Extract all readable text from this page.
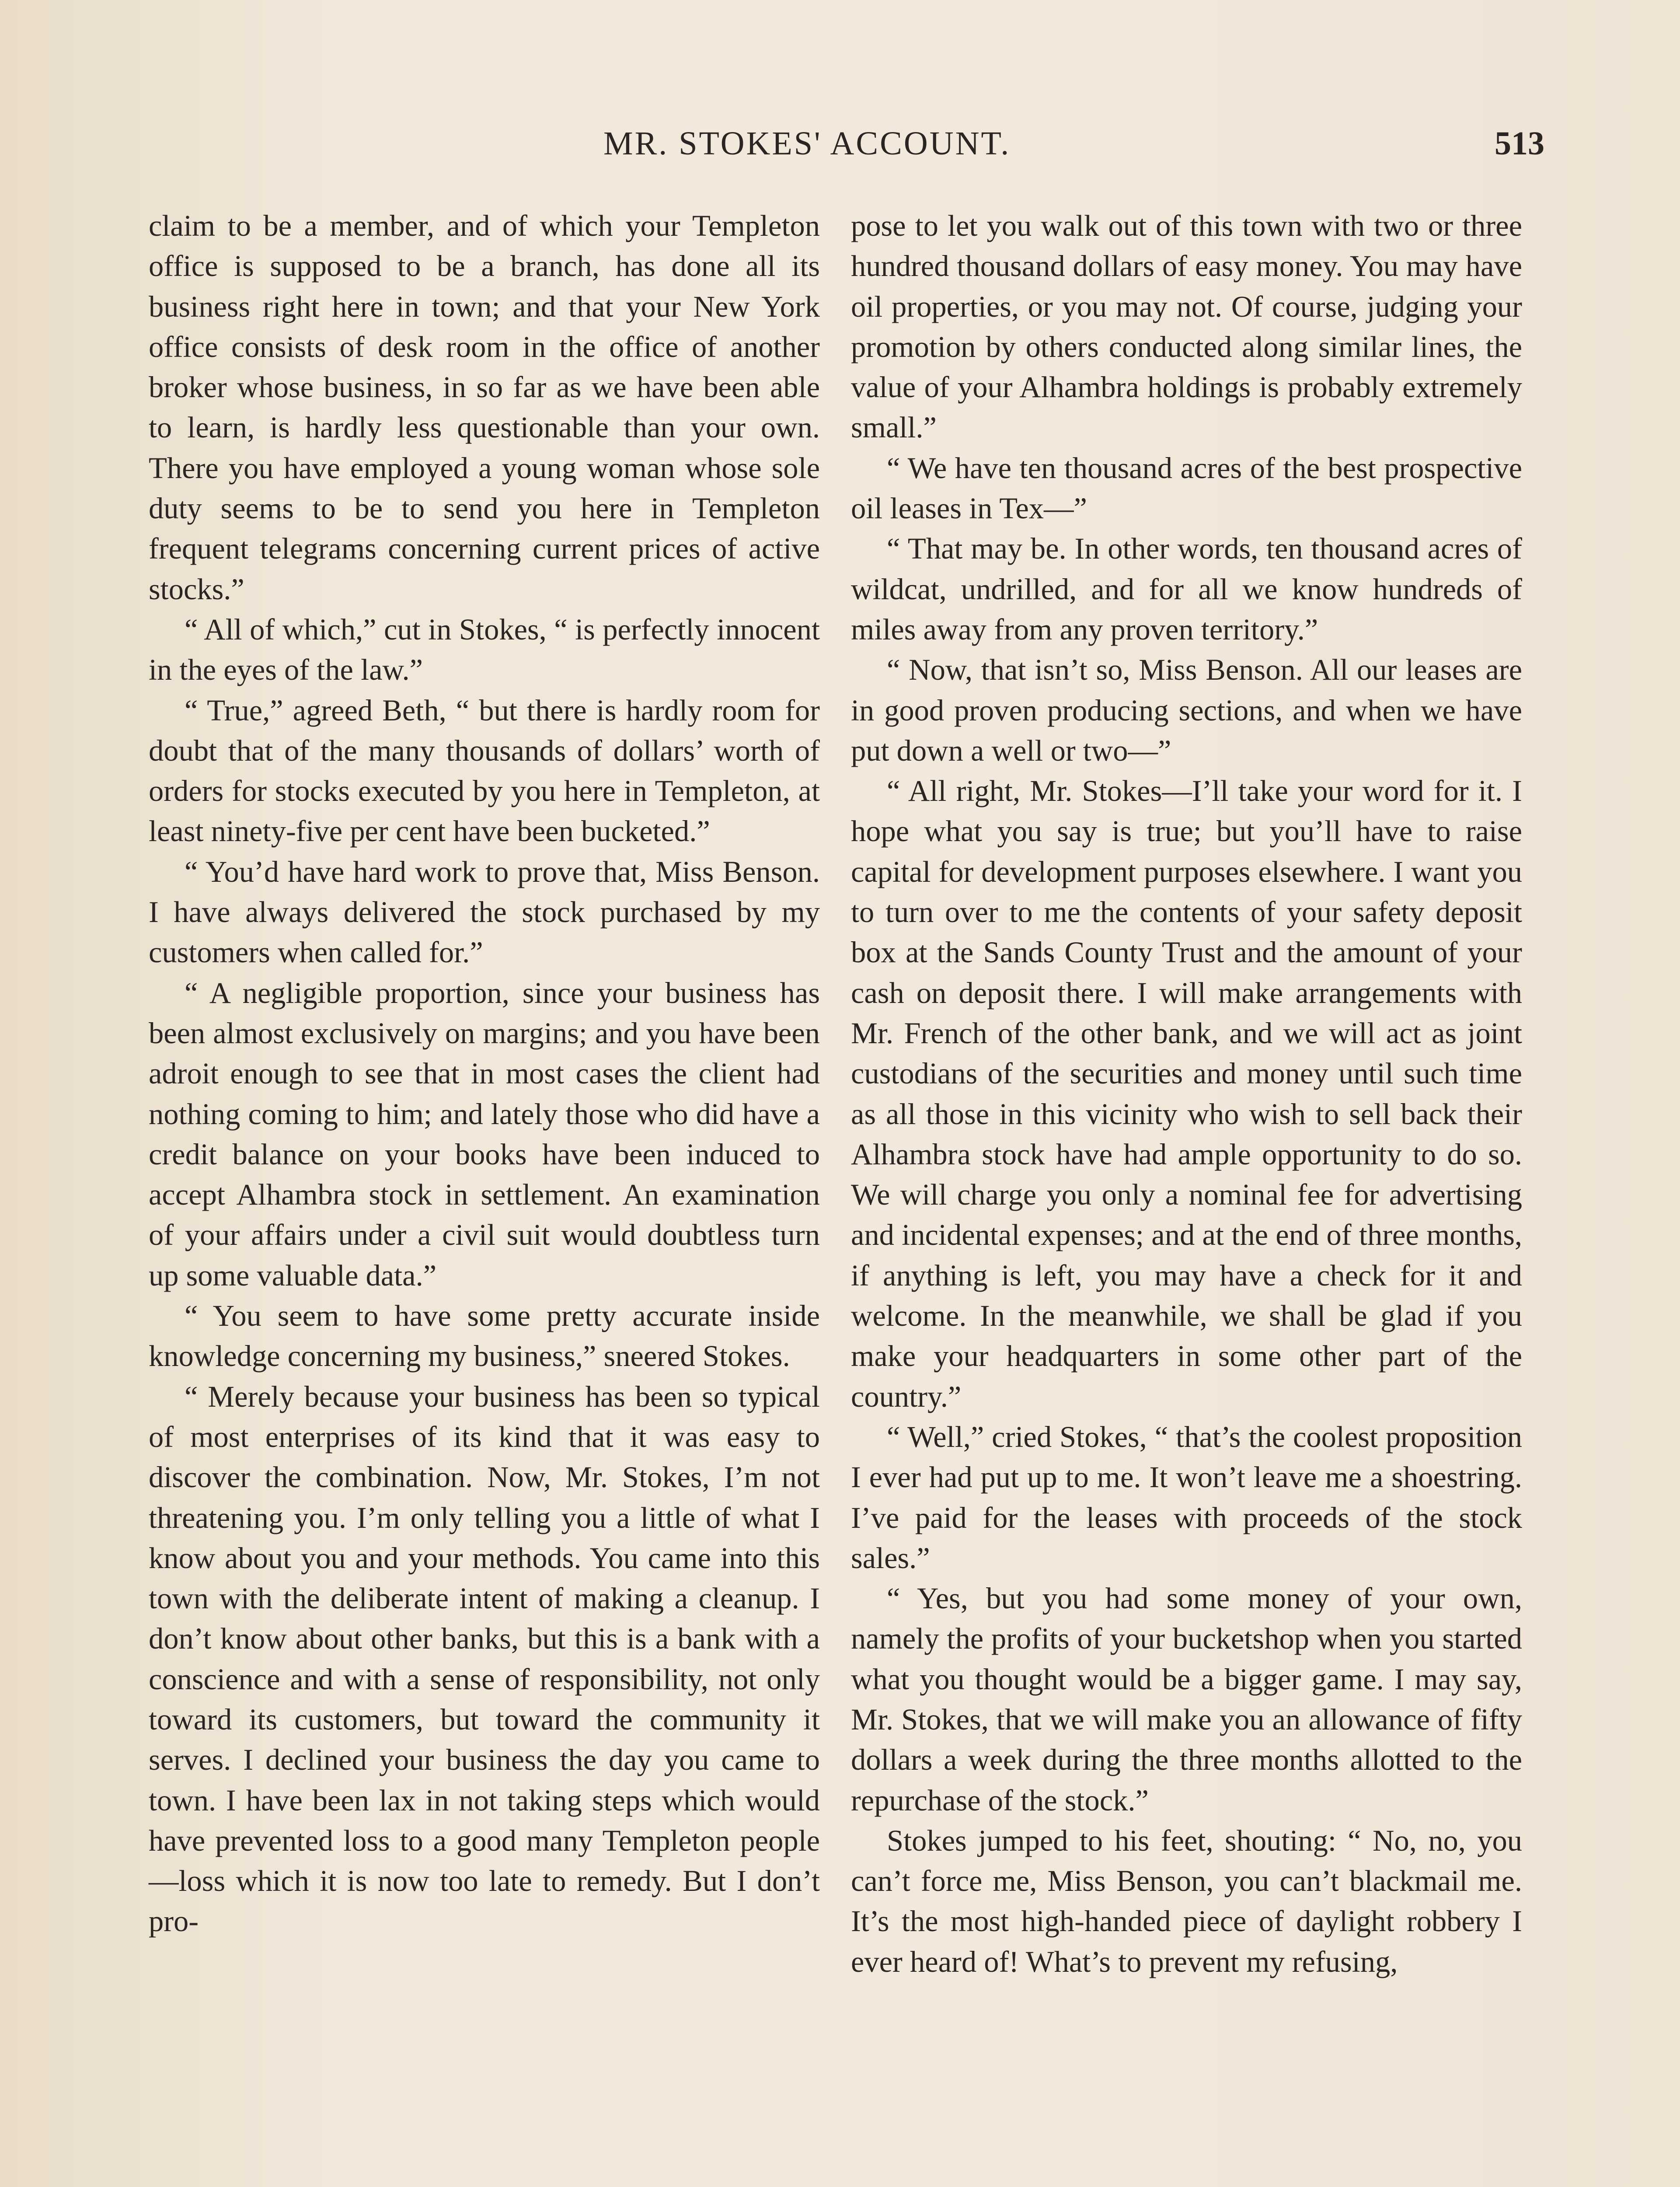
MR. STOKES' ACCOUNT.	513

claim to be a member, and of which your Templeton office is supposed to be a branch, has done all its business right here in town; and that your New York office consists of desk room in the office of another broker whose business, in so far as we have been able to learn, is hardly less questionable than your own. There you have employed a young woman whose sole duty seems to be to send you here in Templeton frequent telegrams concerning current prices of active stocks.”

“ All of which,” cut in Stokes, “ is perfectly innocent in the eyes of the law.”

“ True,” agreed Beth, “ but there is hardly room for doubt that of the many thousands of dollars’ worth of orders for stocks executed by you here in Templeton, at least ninety-five per cent have been bucketed.”

“ You’d have hard work to prove that, Miss Benson. I have always delivered the stock purchased by my customers when called for.”

“ A negligible proportion, since your business has been almost exclusively on margins; and you have been adroit enough to see that in most cases the client had nothing coming to him; and lately those who did have a credit balance on your books have been induced to accept Alhambra stock in settlement. An examination of your affairs under a civil suit would doubtless turn up some valuable data.”

“ You seem to have some pretty accurate inside knowledge concerning my business,” sneered Stokes.

“ Merely because your business has been so typical of most enterprises of its kind that it was easy to discover the combination. Now, Mr. Stokes, I’m not threatening you. I’m only telling you a little of what I know about you and your methods. You came into this town with the deliberate intent of making a cleanup. I don’t know about other banks, but this is a bank with a conscience and with a sense of responsibility, not only toward its customers, but toward the community it serves. I declined your business the day you came to town. I have been lax in not taking steps which would have prevented loss to a good many Templeton people—loss which it is now too late to remedy. But I don’t pro-

pose to let you walk out of this town with two or three hundred thousand dollars of easy money. You may have oil properties, or you may not. Of course, judging your promotion by others conducted along similar lines, the value of your Alhambra holdings is probably extremely small.”

“ We have ten thousand acres of the best prospective oil leases in Tex—”

“ That may be. In other words, ten thousand acres of wildcat, undrilled, and for all we know hundreds of miles away from any proven territory.”

“ Now, that isn’t so, Miss Benson. All our leases are in good proven producing sections, and when we have put down a well or two—”

“ All right, Mr. Stokes—I’ll take your word for it. I hope what you say is true; but you’ll have to raise capital for development purposes elsewhere. I want you to turn over to me the contents of your safety deposit box at the Sands County Trust and the amount of your cash on deposit there. I will make arrangements with Mr. French of the other bank, and we will act as joint custodians of the securities and money until such time as all those in this vicinity who wish to sell back their Alhambra stock have had ample opportunity to do so. We will charge you only a nominal fee for advertising and incidental expenses; and at the end of three months, if anything is left, you may have a check for it and welcome. In the meanwhile, we shall be glad if you make your headquarters in some other part of the country.”

“ Well,” cried Stokes, “ that’s the coolest proposition I ever had put up to me. It won’t leave me a shoestring. I’ve paid for the leases with proceeds of the stock sales.”

“ Yes, but you had some money of your own, namely the profits of your bucketshop when you started what you thought would be a bigger game. I may say, Mr. Stokes, that we will make you an allowance of fifty dollars a week during the three months allotted to the repurchase of the stock.”

Stokes jumped to his feet, shouting: “ No, no, you can’t force me, Miss Benson, you can’t blackmail me. It’s the most high-handed piece of daylight robbery I ever heard of! What’s to prevent my refusing,
